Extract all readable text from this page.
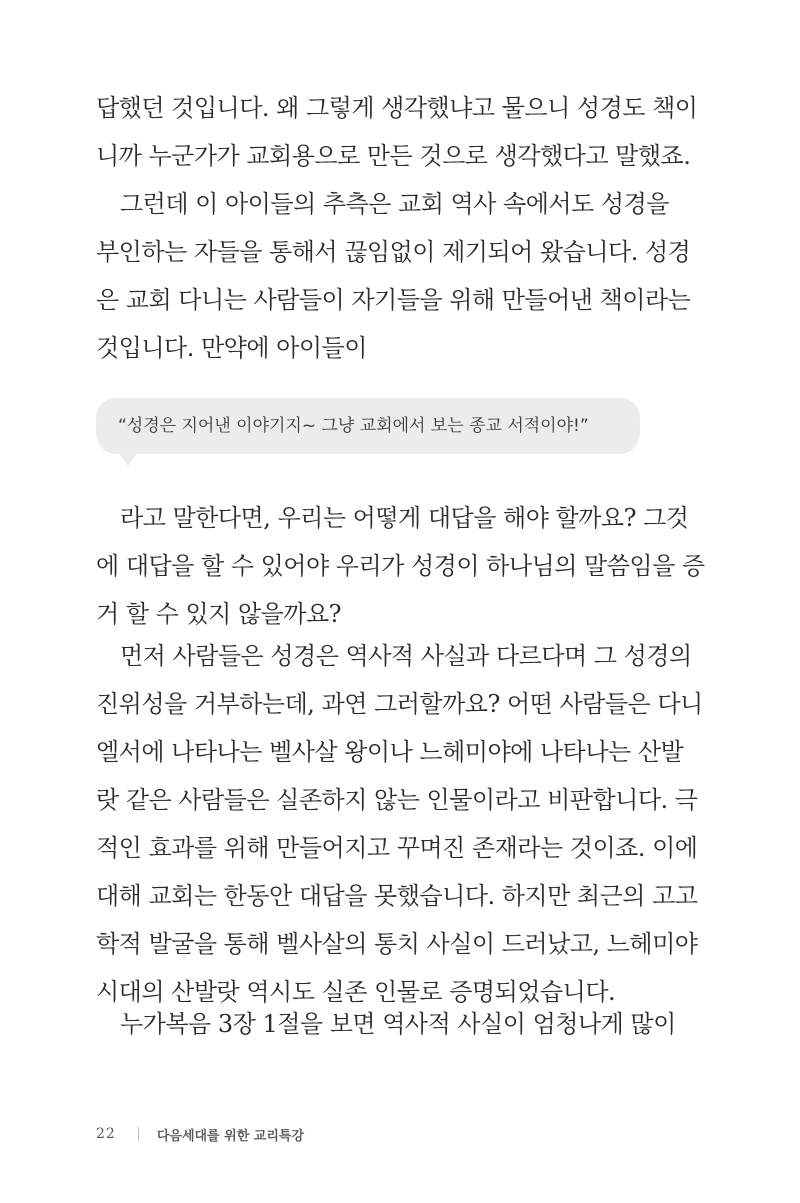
답했던 것입니다. 왜 그렇게 생각했냐고 물으니 성경도 책이
니까 누군가가 교회용으로 만든 것으로 생각했다고 말했죠.

그런데 이 아이들의 추측은 교회 역사 속에서도 성경을
부인하는 자들을 통해서 끊임없이 제기되어 왔습니다. 성경
은 교회 다니는 사람들이 자기들을 위해 만들어낸 책이라는
것입니다. 만약에 아이들이

“성경은 지어낸 이야기지~ 그냥 교회에서 보는 종교 서적이야!”

라고 말한다면, 우리는 어떻게 대답을 해야 할까요? 그것
에 대답을 할 수 있어야 우리가 성경이 하나님의 말씀임을 증
거 할 수 있지 않을까요?

먼저 사람들은 성경은 역사적 사실과 다르다며 그 성경의
진위성을 거부하는데, 과연 그러할까요? 어떤 사람들은 다니
엘서에 나타나는 벨사살 왕이나 느헤미야에 나타나는 산발
랏 같은 사람들은 실존하지 않는 인물이라고 비판합니다. 극
적인 효과를 위해 만들어지고 꾸며진 존재라는 것이죠. 이에
대해 교회는 한동안 대답을 못했습니다. 하지만 최근의 고고
학적 발굴을 통해 벨사살의 통치 사실이 드러났고, 느헤미야
시대의 산발랏 역시도 실존 인물로 증명되었습니다.

누가복음 3장 1절을 보면 역사적 사실이 엄청나게 많이

22	다음세대를 위한 교리특강
